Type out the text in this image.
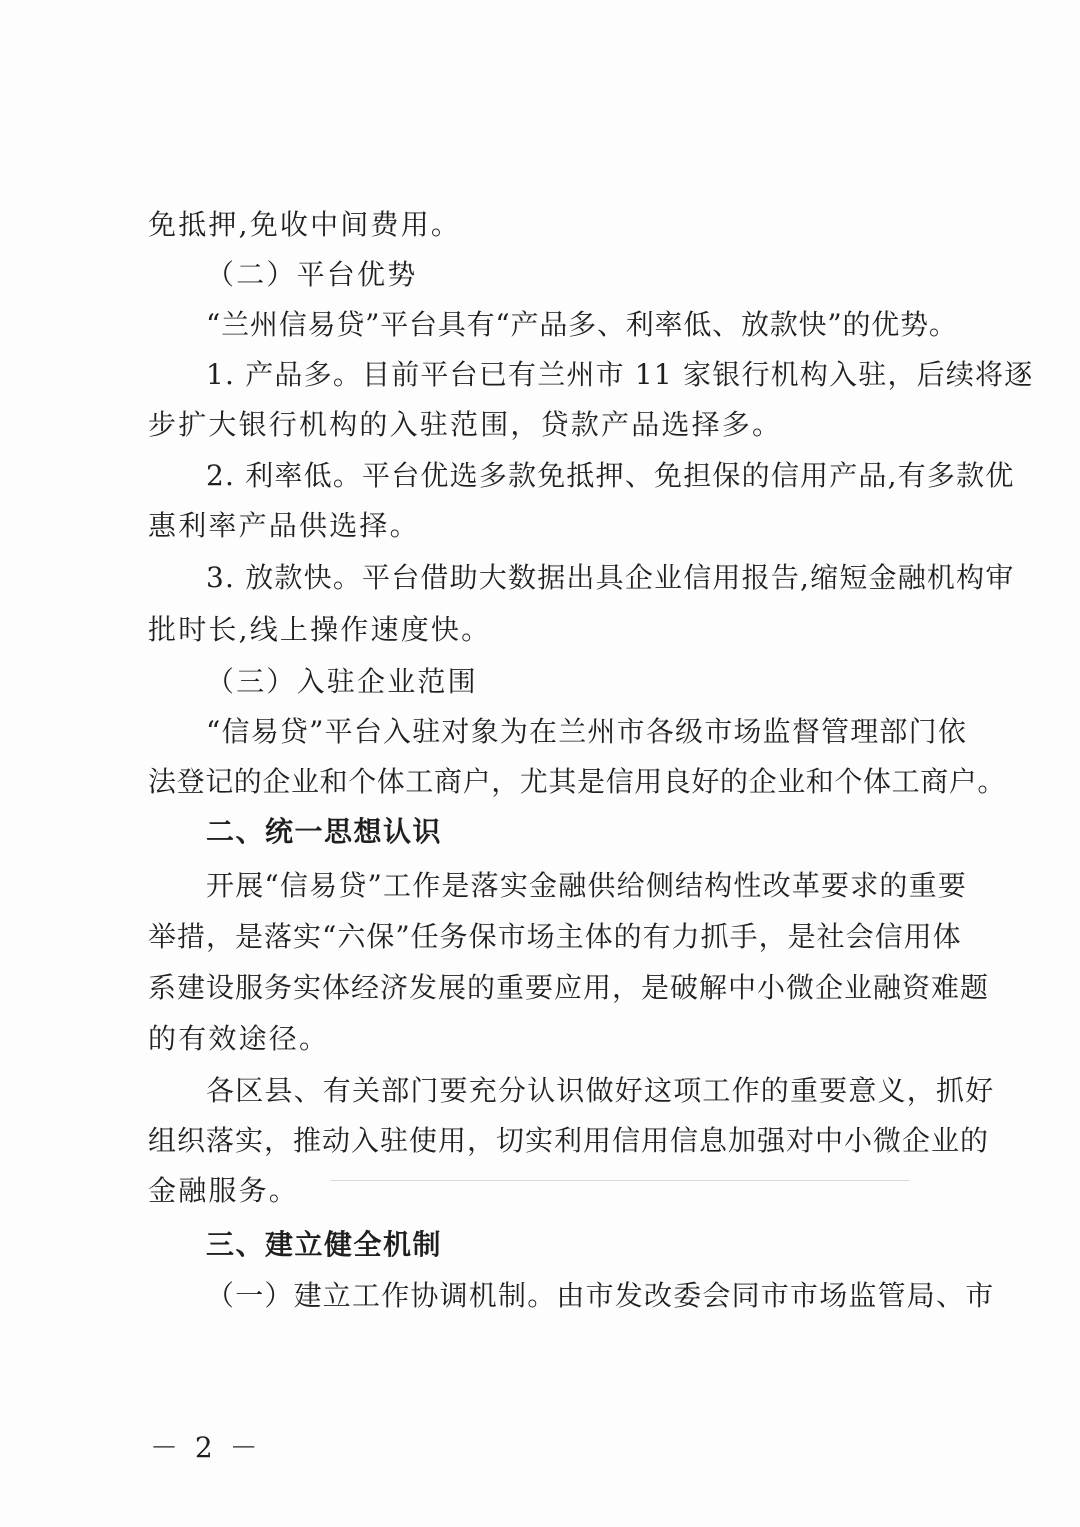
免抵押,免收中间费用。
（二）平台优势
“兰州信易贷”平台具有“产品多、利率低、放款快”的优势。
1. 产品多。目前平台已有兰州市 11 家银行机构入驻，后续将逐
步扩大银行机构的入驻范围，贷款产品选择多。
2. 利率低。平台优选多款免抵押、免担保的信用产品,有多款优
惠利率产品供选择。
3. 放款快。平台借助大数据出具企业信用报告,缩短金融机构审
批时长,线上操作速度快。
（三）入驻企业范围
“信易贷”平台入驻对象为在兰州市各级市场监督管理部门依
法登记的企业和个体工商户，尤其是信用良好的企业和个体工商户。
二、统一思想认识
开展“信易贷”工作是落实金融供给侧结构性改革要求的重要
举措，是落实“六保”任务保市场主体的有力抓手，是社会信用体
系建设服务实体经济发展的重要应用，是破解中小微企业融资难题
的有效途径。
各区县、有关部门要充分认识做好这项工作的重要意义，抓好
组织落实，推动入驻使用，切实利用信用信息加强对中小微企业的
金融服务。
三、建立健全机制
（一）建立工作协调机制。由市发改委会同市市场监管局、市
－ 2 －
